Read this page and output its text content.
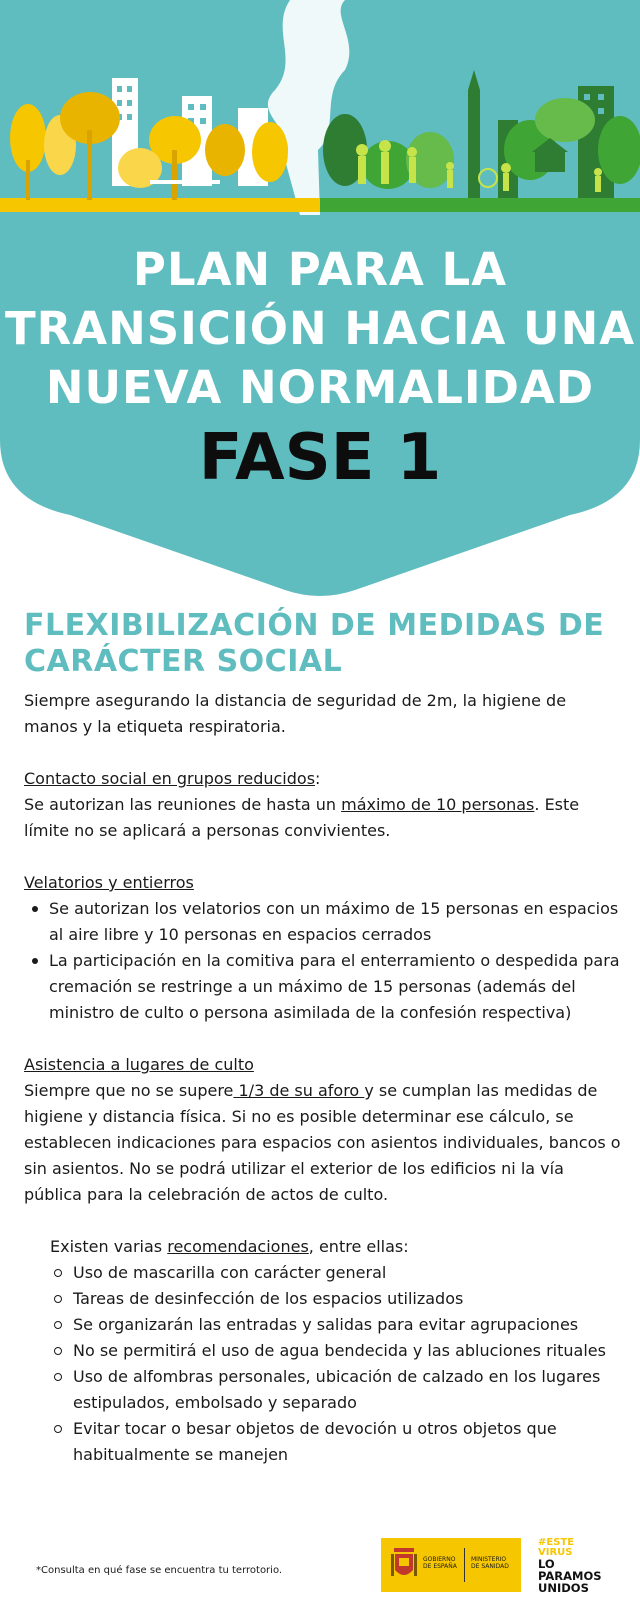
PLAN PARA LA
TRANSICIÓN HACIA UNA
NUEVA NORMALIDAD
FASE 1
FLEXIBILIZACIÓN DE MEDIDAS DE CARÁCTER SOCIAL

Siempre asegurando la distancia de seguridad de 2m, la higiene de manos y la etiqueta respiratoria.

Contacto social en grupos reducidos:

Se autorizan las reuniones de hasta un máximo de 10 personas. Este límite no se aplicará a personas convivientes.

Velatorios y entierros

Se autorizan los velatorios con un máximo de 15 personas en espacios al aire libre y 10 personas en espacios cerrados
La participación en la comitiva para el enterramiento o despedida para cremación se restringe a un máximo de 15 personas (además del ministro de culto o persona asimilada de la confesión respectiva)

Asistencia a lugares de culto

Siempre que no se supere 1/3 de su aforo y se cumplan las medidas de higiene y distancia física. Si no es posible determinar ese cálculo, se establecen indicaciones para espacios con asientos individuales, bancos o sin asientos. No se podrá utilizar el exterior de los edificios ni la vía pública para la celebración de actos de culto.

Existen varias recomendaciones, entre ellas:

Uso de mascarilla con carácter general
Tareas de desinfección de los espacios utilizados
Se organizarán las entradas y salidas para evitar agrupaciones
No se permitirá el uso de agua bendecida y las abluciones rituales
Uso de alfombras personales, ubicación de calzado en los lugares estipulados, embolsado y separado
Evitar tocar o besar objetos de devoción u otros objetos que habitualmente se manejen
*Consulta en qué fase se encuentra tu terrotorio.
GOBIERNO
DE ESPAÑA
MINISTERIO
DE SANIDAD
#ESTE
VIRUS
LO
PARAMOS
UNIDOS
